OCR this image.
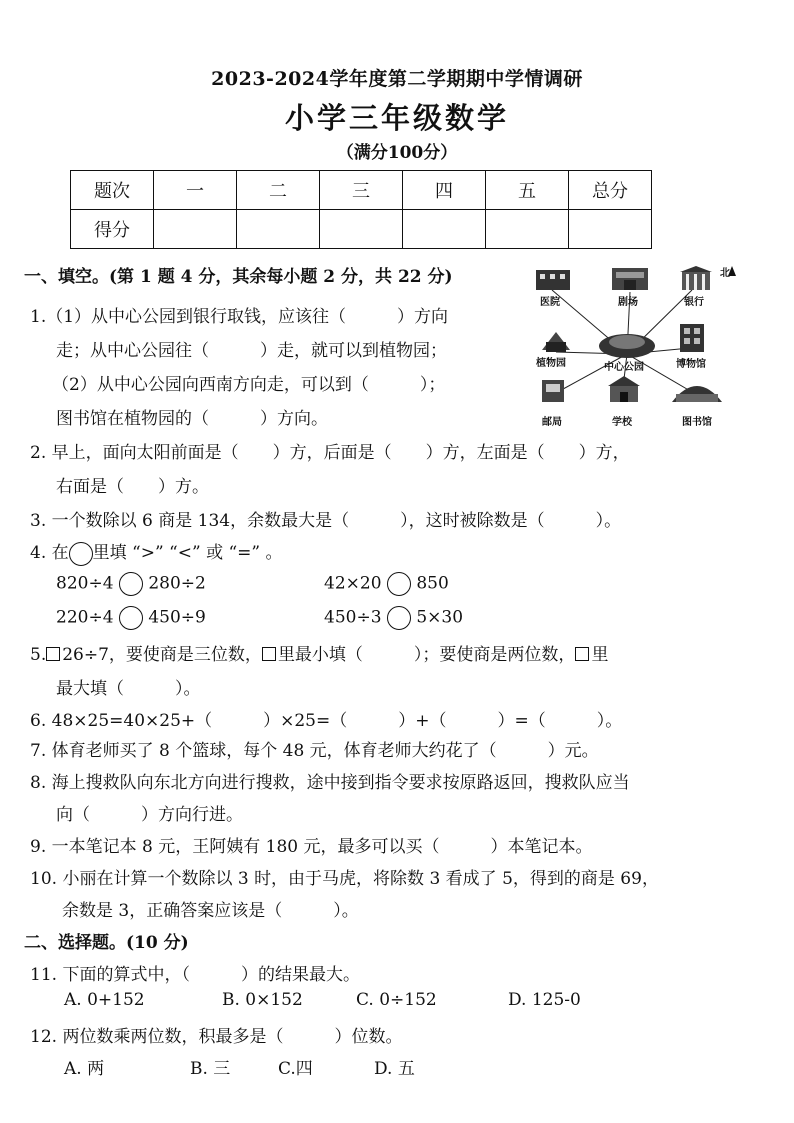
2023-2024学年度第二学期期中学情调研
小学三年级数学
（满分100分）
题次	一	二	三	四	五	总分
得分						
一、填空。(第 1 题 4 分，其余每小题 2 分，共 22 分)
1.（1）从中心公园到银行取钱，应该往（　　　）方向
走；从中心公园往（　　　）走，就可以到植物园；
（2）从中心公园向西南方向走，可以到（　　　）；
图书馆在植物园的（　　　）方向。
北
医院	剧场	银行
植物园	中心公园	博物馆
邮局	学校	图书馆
2. 早上，面向太阳前面是（　　）方，后面是（　　）方，左面是（　　）方，
右面是（　　）方。
3. 一个数除以 6 商是 134，余数最大是（　　　），这时被除数是（　　　）。
4. 在 里填 “>” “<” 或 “=” 。
820÷4 280÷2	42×20 850
220÷4 450÷9	450÷3 5×30
5. 26÷7，要使商是三位数， 里最小填（　　　）；要使商是两位数， 里
最大填（　　　）。
6. 48×25=40×25+（　　　）×25=（　　　）+（　　　）=（　　　）。
7. 体育老师买了 8 个篮球，每个 48 元，体育老师大约花了（　　　）元。
8. 海上搜救队向东北方向进行搜救，途中接到指令要求按原路返回，搜救队应当
向（　　　）方向行进。
9. 一本笔记本 8 元，王阿姨有 180 元，最多可以买（　　　）本笔记本。
10. 小丽在计算一个数除以 3 时，由于马虎，将除数 3 看成了 5，得到的商是 69，
余数是 3，正确答案应该是（　　　）。
二、选择题。(10 分)
11. 下面的算式中，（　　　）的结果最大。
A. 0+152	B. 0×152	C. 0÷152	D. 125-0
12. 两位数乘两位数，积最多是（　　　）位数。
A. 两	B. 三	C.四	D. 五
